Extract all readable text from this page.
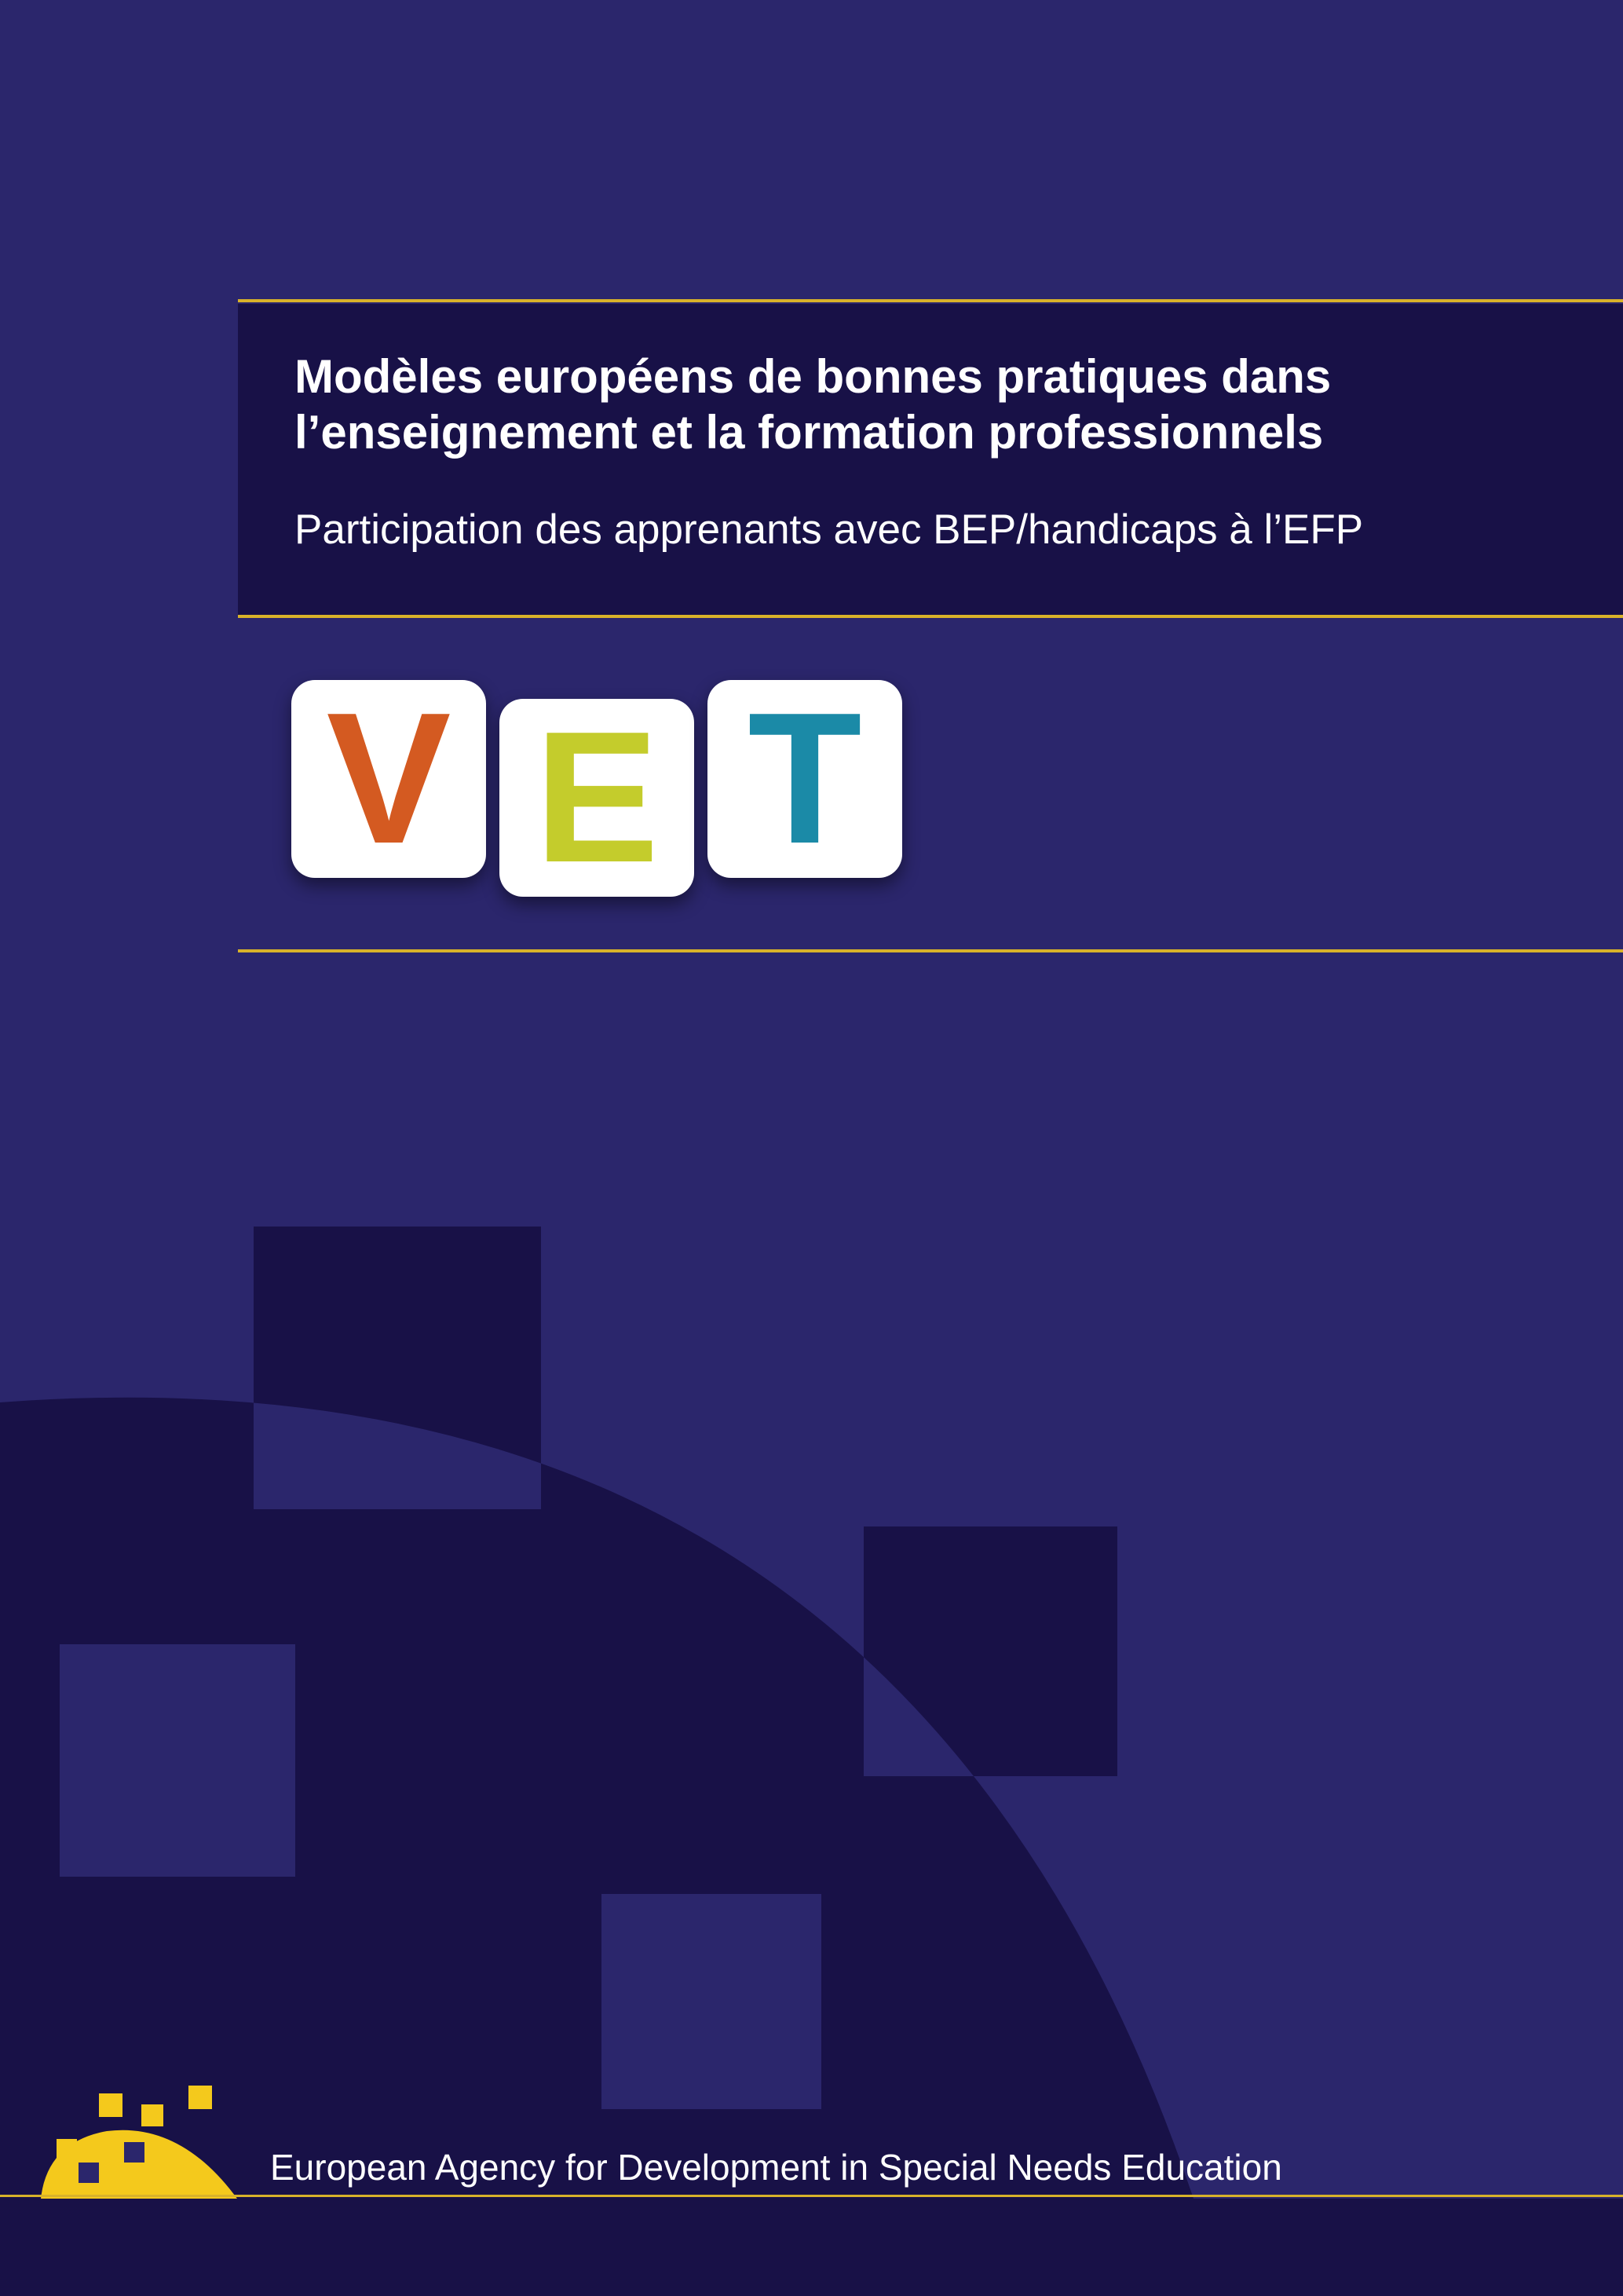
Modèles européens de bonnes pratiques dans
l’enseignement et la formation professionnels

Participation des apprenants avec BEP/handicaps à l’EFP

V E T

European Agency for Development in Special Needs Education
